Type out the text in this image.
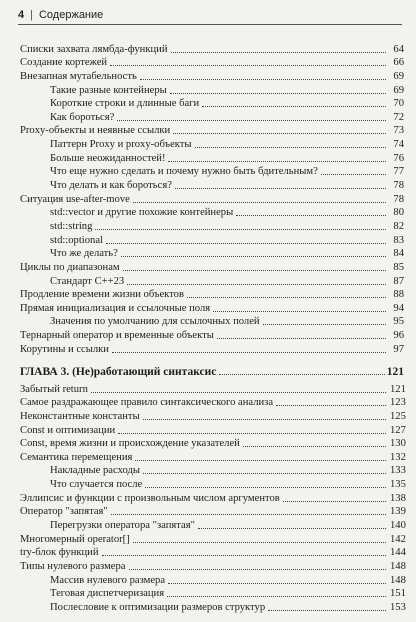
4 | Содержание
Списки захвата лямбда-функций	64
Создание кортежей	66
Внезапная мутабельность	69
Такие разные контейнеры	69
Короткие строки и длинные баги	70
Как бороться?	72
Proxy-объекты и неявные ссылки	73
Паттерн Proxy и proxy-объекты	74
Больше неожиданностей!	76
Что еще нужно сделать и почему нужно быть бдительным?	77
Что делать и как бороться?	78
Ситуация use-after-move	78
std::vector и другие похожие контейнеры	80
std::string	82
std::optional	83
Что же делать?	84
Циклы по диапазонам	85
Стандарт C++23	87
Продление времени жизни объектов	88
Прямая инициализация и ссылочные поля	94
Значения по умолчанию для ссылочных полей	95
Тернарный оператор и временные объекты	96
Корутины и ссылки	97
ГЛАВА 3. (Не)работающий синтаксис	121
Забытый return	121
Самое раздражающее правило синтаксического анализа	123
Неконстантные константы	125
Const и оптимизации	127
Const, время жизни и происхождение указателей	130
Семантика перемещения	132
Накладные расходы	133
Что случается после	135
Эллипсис и функции с произвольным числом аргументов	138
Оператор "запятая"	139
Перегрузки оператора "запятая"	140
Многомерный operator[]	142
try-блок функций	144
Типы нулевого размера	148
Массив нулевого размера	148
Теговая диспетчеризация	151
Послесловие к оптимизации размеров структур	153
